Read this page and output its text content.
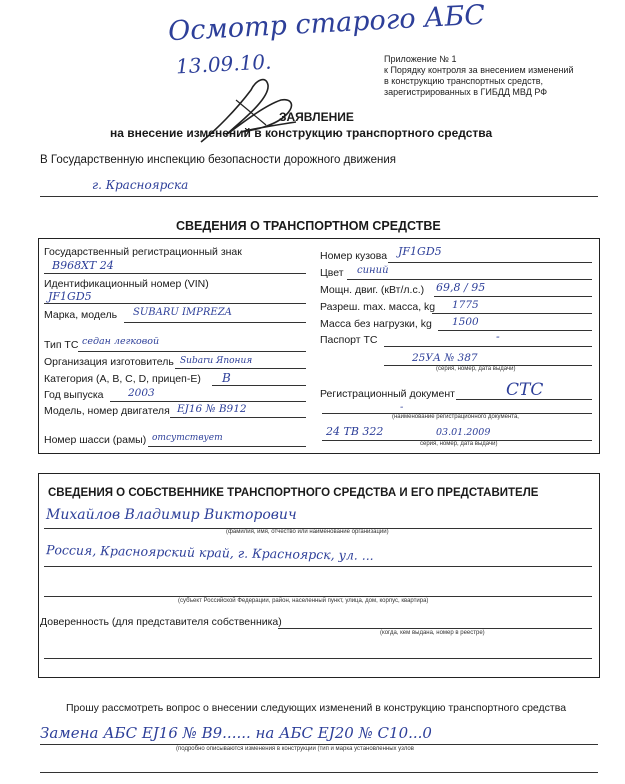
Осмотр старого АБС
13.09.10.	Приложение № 1
к Порядку контроля за внесением изменений
в конструкцию транспортных средств,
зарегистрированных в ГИБДД МВД РФ
ЗАЯВЛЕНИЕ
на внесение изменений в конструкцию транспортного средства
В Государственную инспекцию безопасности дорожного движения
г. Красноярска
СВЕДЕНИЯ О ТРАНСПОРТНОМ СРЕДСТВЕ
Государственный регистрационный знак
В968ХТ 24
Идентификационный номер (VIN)
JF1GD5
Марка, модель SUBARU IMPREZA
Тип ТС седан легковой
Организация изготовитель Subaru Япония
Категория (А, В, С, D, прицеп-Е) В
Год выпуска 2003
Модель, номер двигателя EJ16 № В912
Номер шасси (рамы) отсутствует
Номер кузова JF1GD5
Цвет синий
Мощн. двиг. (кВт/л.с.) 69,8 / 95
Разреш. max. масса, kg 1775
Масса без нагрузки, kg 1500
Паспорт ТС	-
25УА № 387
(серия, номер, дата выдачи)
Регистрационный документ	СТС
-
(наименование регистрационного документа,
24 ТВ 322	03.01.2009
серия, номер, дата выдачи)
СВЕДЕНИЯ О СОБСТВЕННИКЕ ТРАНСПОРТНОГО СРЕДСТВА И ЕГО ПРЕДСТАВИТЕЛЕ
Михайлов Владимир Викторович
(фамилия, имя, отчество или наименование организации)
Россия, Красноярский край, г. Красноярск, ул. ...
(субъект Российской Федерации, район, населенный пункт, улица, дом, корпус, квартира)
Доверенность (для представителя собственника)
(когда, кем выдана, номер в реестре)
Прошу рассмотреть вопрос о внесении следующих изменений в конструкцию транспортного средства
Замена АБС EJ16 № В9...... на АБС EJ20 № С10...0
(подробно описываются изменения в конструкции (тип и марка установленных узлов
